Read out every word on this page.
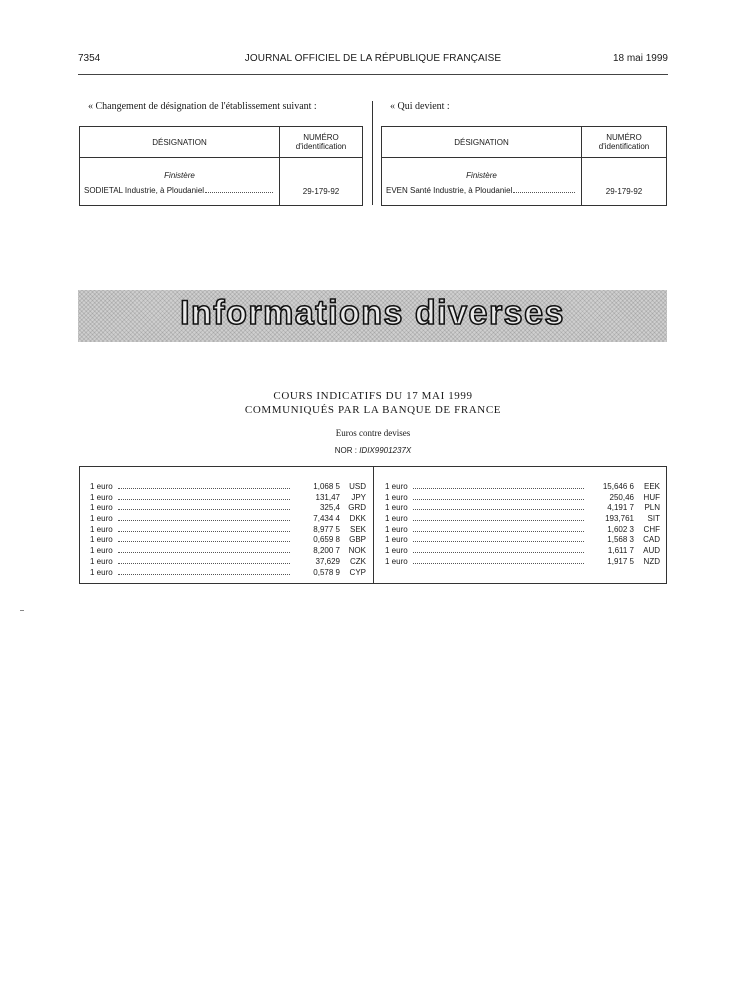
7354	JOURNAL OFFICIEL DE LA RÉPUBLIQUE FRANÇAISE	18 mai 1999
« Changement de désignation de l'établissement suivant :	« Qui devient :
DÉSIGNATION	NUMÉRO
d'identification

Finistère
SODIETAL Industrie, à Ploudaniel	29-179-92
DÉSIGNATION	NUMÉRO
d'identification

Finistère
EVEN Santé Industrie, à Ploudaniel	29-179-92
Informations diverses
COURS INDICATIFS DU 17 MAI 1999
COMMUNIQUÉS PAR LA BANQUE DE FRANCE
Euros contre devises
NOR : IDIX9901237X
1 euro	1,068 5	USD
1 euro	131,47	JPY
1 euro	325,4	GRD
1 euro	7,434 4	DKK
1 euro	8,977 5	SEK
1 euro	0,659 8	GBP
1 euro	8,200 7	NOK
1 euro	37,629	CZK
1 euro	0,578 9	CYP
1 euro	15,646 6	EEK
1 euro	250,46	HUF
1 euro	4,191 7	PLN
1 euro	193,761	SIT
1 euro	1,602 3	CHF
1 euro	1,568 3	CAD
1 euro	1,611 7	AUD
1 euro	1,917 5	NZD
